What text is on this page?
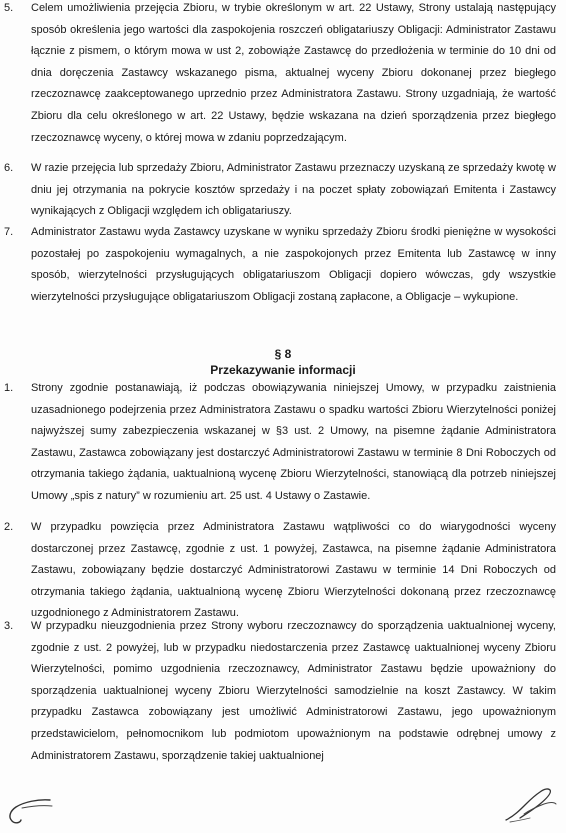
5.	Celem umożliwienia przejęcia Zbioru, w trybie określonym w art. 22 Ustawy, Strony ustalają następujący sposób określenia jego wartości dla zaspokojenia roszczeń obligatariuszy Obligacji: Administrator Zastawu łącznie z pismem, o którym mowa w ust 2, zobowiąże Zastawcę do przedłożenia w terminie do 10 dni od dnia doręczenia Zastawcy wskazanego pisma, aktualnej wyceny Zbioru dokonanej przez biegłego rzeczoznawcę zaakceptowanego uprzednio przez Administratora Zastawu. Strony uzgadniają, że wartość Zbioru dla celu określonego w art. 22 Ustawy, będzie wskazana na dzień sporządzenia przez biegłego rzeczoznawcę wyceny, o której mowa w zdaniu poprzedzającym.
6.	W razie przejęcia lub sprzedaży Zbioru, Administrator Zastawu przeznaczy uzyskaną ze sprzedaży kwotę w dniu jej otrzymania na pokrycie kosztów sprzedaży i na poczet spłaty zobowiązań Emitenta i Zastawcy wynikających z Obligacji względem ich obligatariuszy.
7.	Administrator Zastawu wyda Zastawcy uzyskane w wyniku sprzedaży Zbioru środki pieniężne w wysokości pozostałej po zaspokojeniu wymagalnych, a nie zaspokojonych przez Emitenta lub Zastawcę w inny sposób, wierzytelności przysługujących obligatariuszom Obligacji dopiero wówczas, gdy wszystkie wierzytelności przysługujące obligatariuszom Obligacji zostaną zapłacone, a Obligacje – wykupione.
§ 8
Przekazywanie informacji
1.	Strony zgodnie postanawiają, iż podczas obowiązywania niniejszej Umowy, w przypadku zaistnienia uzasadnionego podejrzenia przez Administratora Zastawu o spadku wartości Zbioru Wierzytelności poniżej najwyższej sumy zabezpieczenia wskazanej w §3 ust. 2 Umowy, na pisemne żądanie Administratora Zastawu, Zastawca zobowiązany jest dostarczyć Administratorowi Zastawu w terminie 8 Dni Roboczych od otrzymania takiego żądania, uaktualnioną wycenę Zbioru Wierzytelności, stanowiącą dla potrzeb niniejszej Umowy „spis z natury” w rozumieniu art. 25 ust. 4 Ustawy o Zastawie.
2.	W przypadku powzięcia przez Administratora Zastawu wątpliwości co do wiarygodności wyceny dostarczonej przez Zastawcę, zgodnie z ust. 1 powyżej, Zastawca, na pisemne żądanie Administratora Zastawu, zobowiązany będzie dostarczyć Administratorowi Zastawu w terminie 14 Dni Roboczych od otrzymania takiego żądania, uaktualnioną wycenę Zbioru Wierzytelności dokonaną przez rzeczoznawcę uzgodnionego z Administratorem Zastawu.
3.	W przypadku nieuzgodnienia przez Strony wyboru rzeczoznawcy do sporządzenia uaktualnionej wyceny, zgodnie z ust. 2 powyżej, lub w przypadku niedostarczenia przez Zastawcę uaktualnionej wyceny Zbioru Wierzytelności, pomimo uzgodnienia rzeczoznawcy, Administrator Zastawu będzie upoważniony do sporządzenia uaktualnionej wyceny Zbioru Wierzytelności samodzielnie na koszt Zastawcy. W takim przypadku Zastawca zobowiązany jest umożliwić Administratorowi Zastawu, jego upoważnionym przedstawicielom, pełnomocnikom lub podmiotom upoważnionym na podstawie odrębnej umowy z Administratorem Zastawu, sporządzenie takiej uaktualnionej
